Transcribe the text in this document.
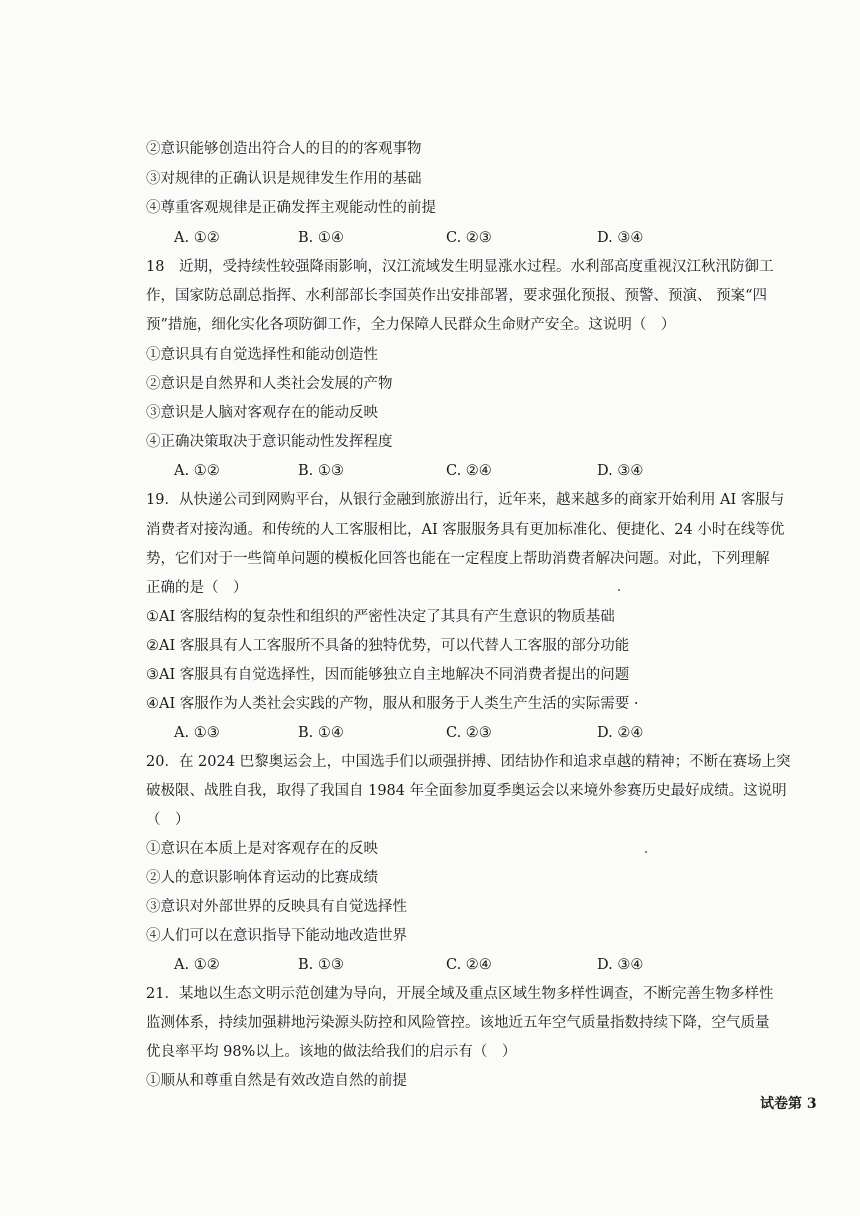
②意识能够创造出符合人的目的的客观事物
③对规律的正确认识是规律发生作用的基础
④尊重客观规律是正确发挥主观能动性的前提
A. ①②	B. ①④	C. ②③	D. ③④
18　近期，受持续性较强降雨影响，汉江流域发生明显涨水过程。水利部高度重视汉江秋汛防御工
作，国家防总副总指挥、水利部部长李国英作出安排部署，要求强化预报、预警、预演、 预案“四
预”措施，细化实化各项防御工作，全力保障人民群众生命财产安全。这说明（　）
①意识具有自觉选择性和能动创造性
②意识是自然界和人类社会发展的产物
③意识是人脑对客观存在的能动反映
④正确决策取决于意识能动性发挥程度
A. ①②	B. ①③	C. ②④	D. ③④
19．从快递公司到网购平台，从银行金融到旅游出行，近年来，越来越多的商家开始利用 AI 客服与
消费者对接沟通。和传统的人工客服相比，AI 客服服务具有更加标准化、便捷化、24 小时在线等优
势，它们对于一些简单问题的模板化回答也能在一定程度上帮助消费者解决问题。对此，下列理解
正确的是（　）
①AI 客服结构的复杂性和组织的严密性决定了其具有产生意识的物质基础
②AI 客服具有人工客服所不具备的独特优势，可以代替人工客服的部分功能
③AI 客服具有自觉选择性，因而能够独立自主地解决不同消费者提出的问题
④AI 客服作为人类社会实践的产物，服从和服务于人类生产生活的实际需要 ·
A. ①③	B. ①④	C. ②③	D. ②④
20．在 2024 巴黎奥运会上，中国选手们以顽强拼搏、团结协作和追求卓越的精神；不断在赛场上突
破极限、战胜自我，取得了我国自 1984 年全面参加夏季奥运会以来境外参赛历史最好成绩。这说明
（　）
①意识在本质上是对客观存在的反映
②人的意识影响体育运动的比赛成绩
③意识对外部世界的反映具有自觉选择性
④人们可以在意识指导下能动地改造世界
A. ①②	B. ①③	C. ②④	D. ③④
21．某地以生态文明示范创建为导向，开展全域及重点区域生物多样性调查，不断完善生物多样性
监测体系，持续加强耕地污染源头防控和风险管控。该地近五年空气质量指数持续下降，空气质量
优良率平均 98%以上。该地的做法给我们的启示有（　）
①顺从和尊重自然是有效改造自然的前提
试卷第 3
